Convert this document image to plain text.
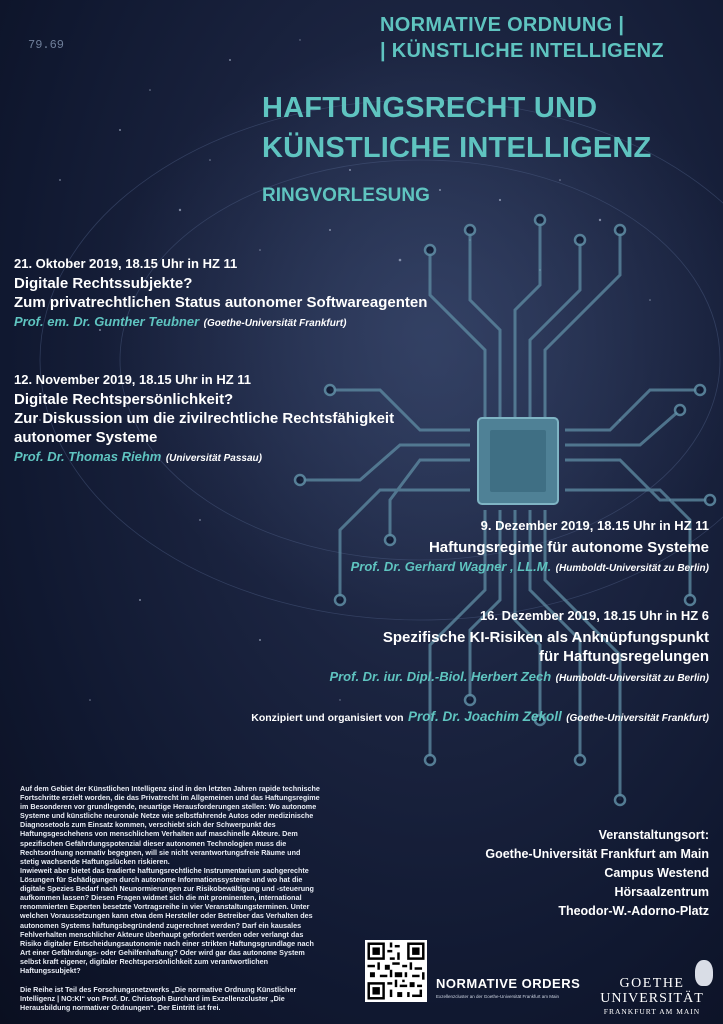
79.69
NORMATIVE ORDNUNG |
| KÜNSTLICHE INTELLIGENZ
HAFTUNGSRECHT UND
KÜNSTLICHE INTELLIGENZ
RINGVORLESUNG
21. Oktober 2019, 18.15 Uhr in HZ 11
Digitale Rechtssubjekte?
Zum privatrechtlichen Status autonomer Softwareagenten
Prof. em. Dr. Gunther Teubner (Goethe-Universität Frankfurt)
12. November 2019, 18.15 Uhr in HZ 11
Digitale Rechtspersönlichkeit?
Zur Diskussion um die zivilrechtliche Rechtsfähigkeit
autonomer Systeme
Prof. Dr. Thomas Riehm (Universität Passau)
9. Dezember 2019, 18.15 Uhr in HZ 11
Haftungsregime für autonome Systeme
Prof. Dr. Gerhard Wagner , LL.M. (Humboldt-Universität zu Berlin)
16. Dezember 2019, 18.15 Uhr in HZ 6
Spezifische KI-Risiken als Anknüpfungspunkt
für Haftungsregelungen
Prof. Dr. iur. Dipl.-Biol. Herbert Zech (Humboldt-Universität zu Berlin)
Konzipiert und organisiert von Prof. Dr. Joachim Zekoll (Goethe-Universität Frankfurt)
Auf dem Gebiet der Künstlichen Intelligenz sind in den letzten Jahren rapide technische Fortschritte erzielt worden, die das Privatrecht im Allgemeinen und das Haftungsregime im Besonderen vor grundlegende, neuartige Herausforderungen stellen: Wo autonome Systeme und künstliche neuronale Netze wie selbstfahrende Autos oder medizinische Diagnosetools zum Einsatz kommen, verschiebt sich der Schwerpunkt des Haftungsgeschehens von menschlichem Verhalten auf maschinelle Akteure. Dem spezifischen Gefährdungspotenzial dieser autonomen Technologien muss die Rechtsordnung normativ begegnen, will sie nicht verantwortungsfreie Räume und stetig wachsende Haftungslücken riskieren.
Inwieweit aber bietet das tradierte haftungsrechtliche Instrumentarium sachgerechte Lösungen für Schädigungen durch autonome Informationssysteme und wo hat die digitale Spezies Bedarf nach Neunormierungen zur Risikobewältigung und -steuerung aufkommen lassen? Diesen Fragen widmet sich die mit prominenten, international renommierten Experten besetzte Vortragsreihe in vier Veranstaltungsterminen. Unter welchen Voraussetzungen kann etwa dem Hersteller oder Betreiber das Verhalten des autonomen Systems haftungsbegründend zugerechnet werden? Darf ein kausales Fehlverhalten menschlicher Akteure überhaupt gefordert werden oder verlangt das Risiko digitaler Entscheidungsautonomie nach einer strikten Haftungsgrundlage nach Art einer Gefährdungs- oder Gehilfenhaftung? Oder wird gar das autonome System selbst kraft eigener, digitaler Rechtspersönlichkeit zum verantwortlichen Haftungssubjekt?
Die Reihe ist Teil des Forschungsnetzwerks „Die normative Ordnung Künstlicher Intelligenz | NO:KI“ von Prof. Dr. Christoph Burchard im Exzellenzcluster „Die Herausbildung normativer Ordnungen“. Der Eintritt ist frei.
Veranstaltungsort:
Goethe-Universität Frankfurt am Main
Campus Westend
Hörsaalzentrum
Theodor-W.-Adorno-Platz
NORMATIVE ORDERS
Exzellenzcluster an der Goethe-Universität Frankfurt am Main
GOETHE
UNIVERSITÄT
FRANKFURT AM MAIN
